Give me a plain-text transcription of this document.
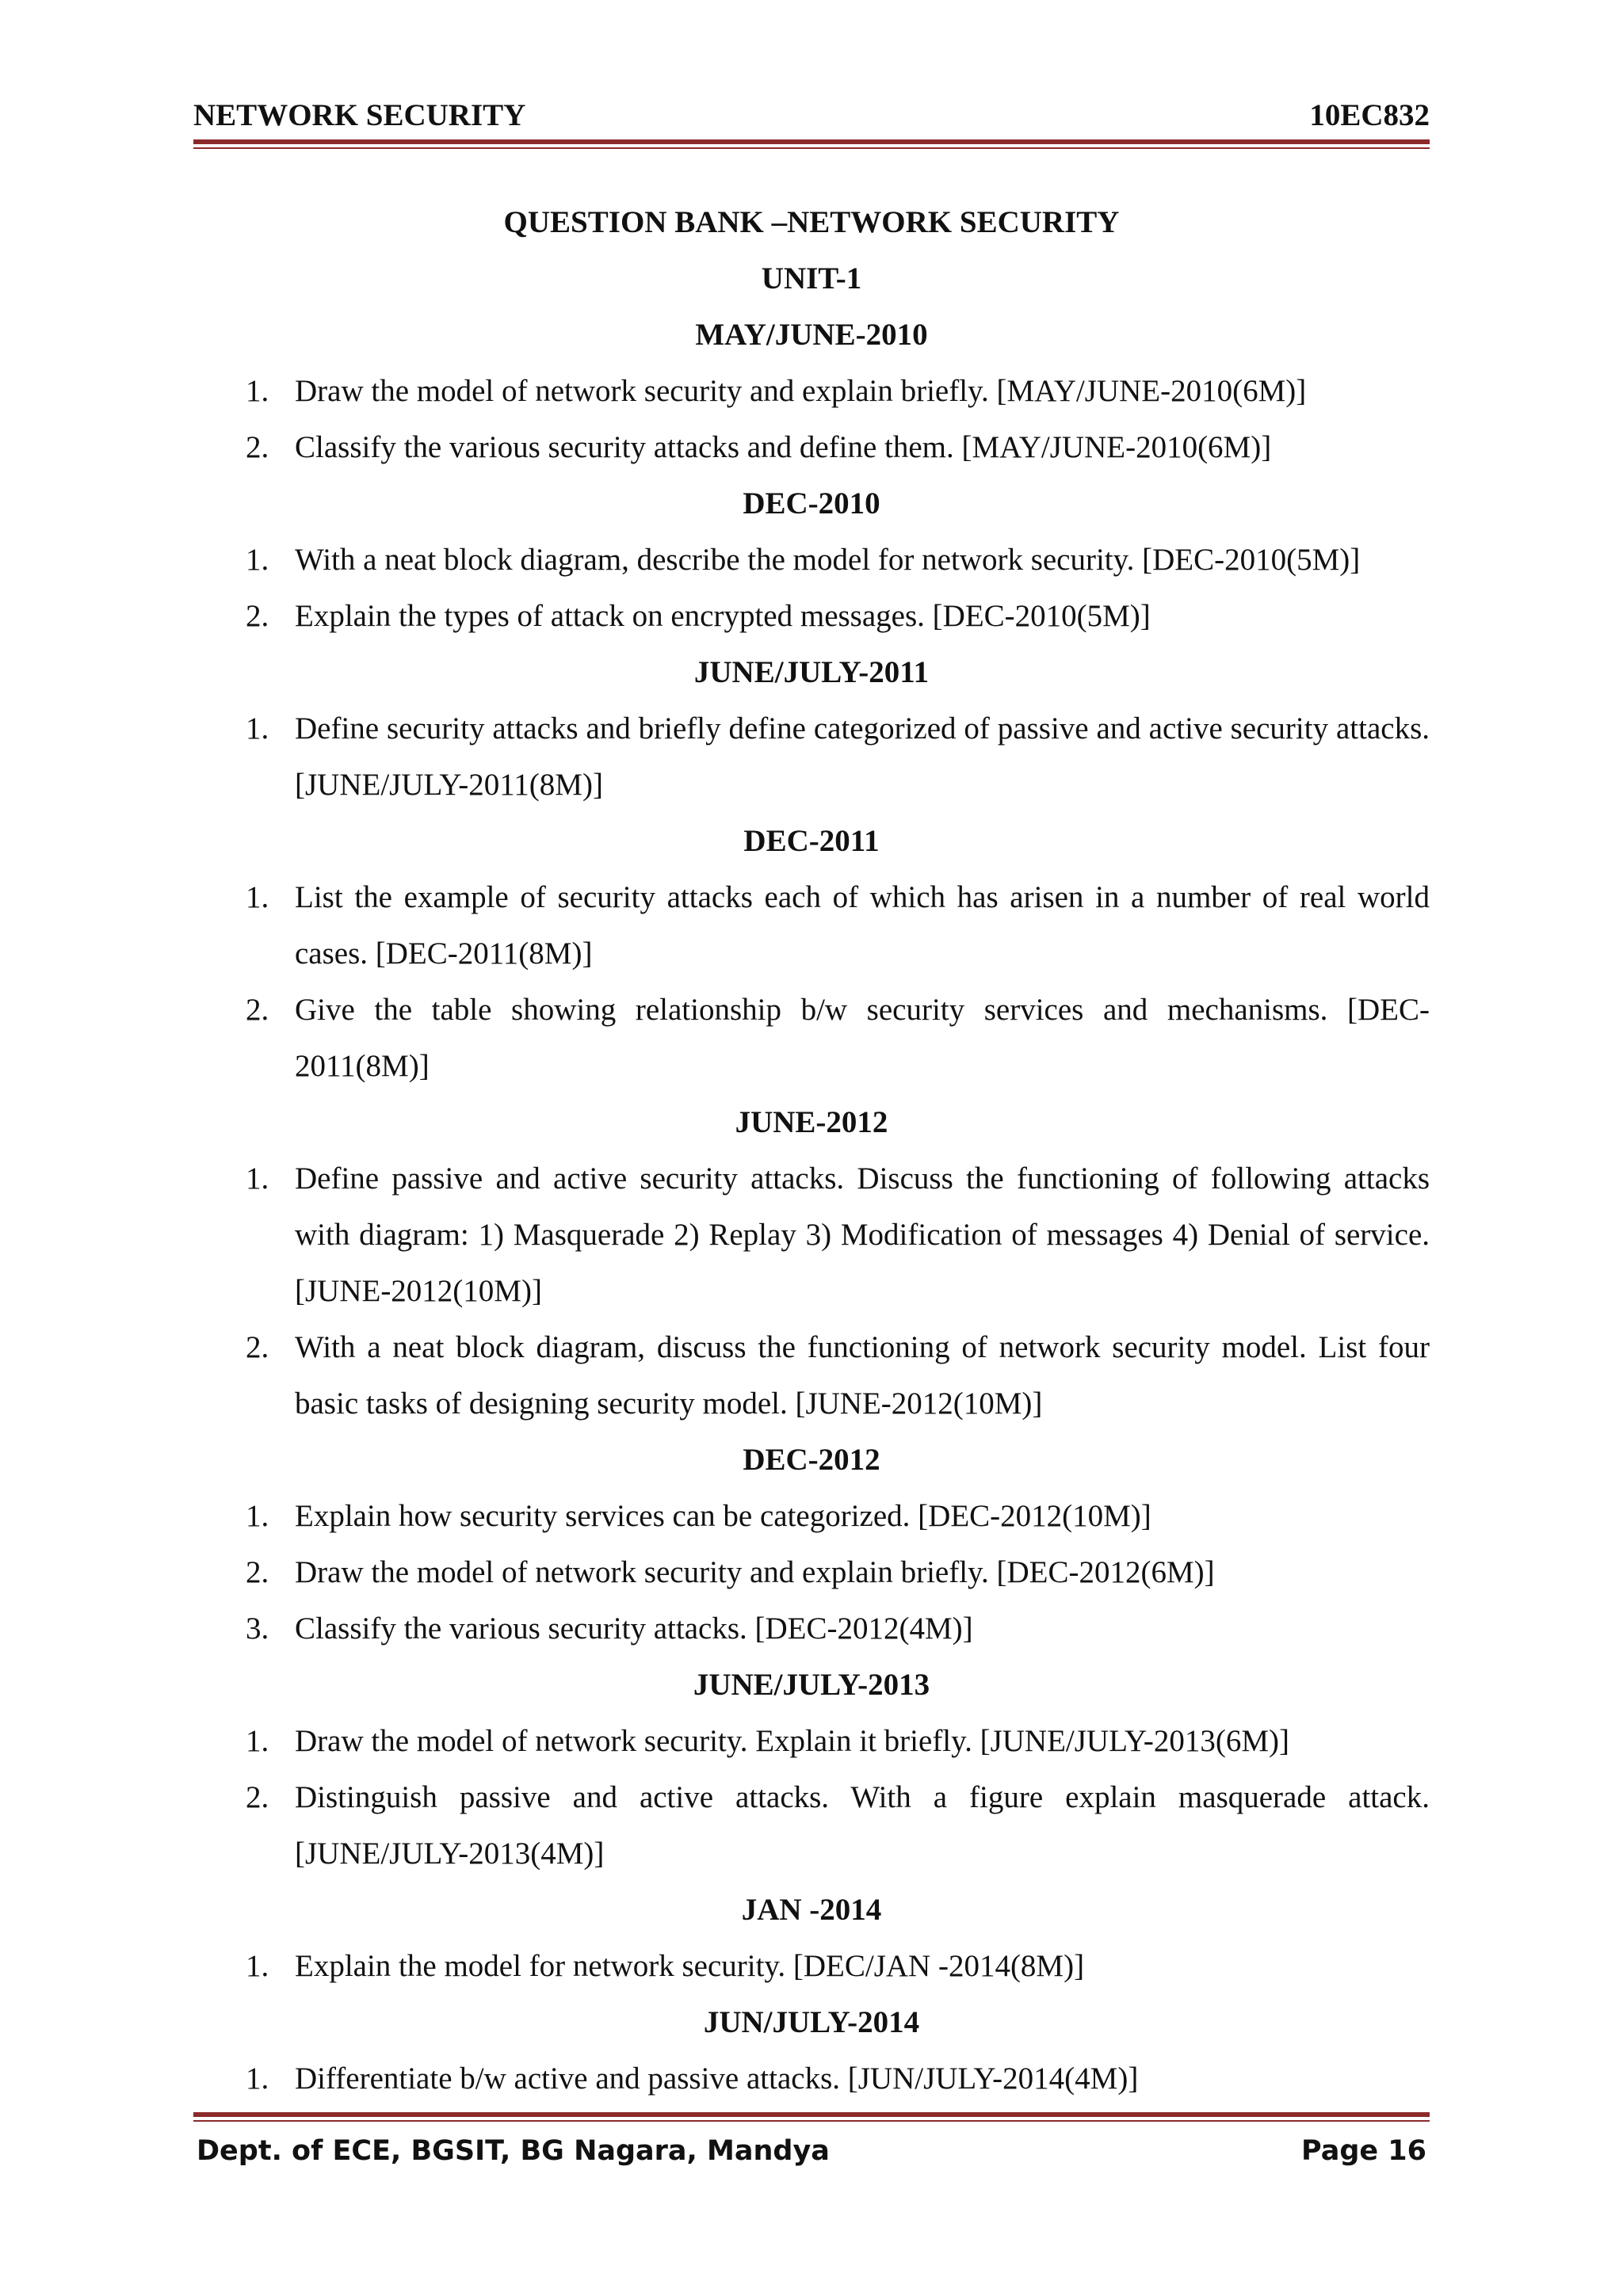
NETWORK SECURITY	10EC832
QUESTION BANK –NETWORK SECURITY
UNIT-1
MAY/JUNE-2010
1. Draw the model of network security and explain briefly. [MAY/JUNE-2010(6M)]
2. Classify the various security attacks and define them. [MAY/JUNE-2010(6M)]
DEC-2010
1. With a neat block diagram, describe the model for network security. [DEC-2010(5M)]
2. Explain the types of attack on encrypted messages. [DEC-2010(5M)]
JUNE/JULY-2011
1. Define security attacks and briefly define categorized of passive and active security attacks. [JUNE/JULY-2011(8M)]
DEC-2011
1. List the example of security attacks each of which has arisen in a number of real world cases. [DEC-2011(8M)]
2. Give the table showing relationship b/w security services and mechanisms. [DEC-2011(8M)]
JUNE-2012
1. Define passive and active security attacks. Discuss the functioning of following attacks with diagram: 1) Masquerade 2) Replay 3) Modification of messages 4) Denial of service. [JUNE-2012(10M)]
2. With a neat block diagram, discuss the functioning of network security model. List four basic tasks of designing security model. [JUNE-2012(10M)]
DEC-2012
1. Explain how security services can be categorized. [DEC-2012(10M)]
2. Draw the model of network security and explain briefly. [DEC-2012(6M)]
3. Classify the various security attacks. [DEC-2012(4M)]
JUNE/JULY-2013
1. Draw the model of network security. Explain it briefly. [JUNE/JULY-2013(6M)]
2. Distinguish passive and active attacks. With a figure explain masquerade attack. [JUNE/JULY-2013(4M)]
JAN -2014
1. Explain the model for network security. [DEC/JAN -2014(8M)]
JUN/JULY-2014
1. Differentiate b/w active and passive attacks. [JUN/JULY-2014(4M)]
Dept. of ECE, BGSIT, BG Nagara, Mandya	Page 16
